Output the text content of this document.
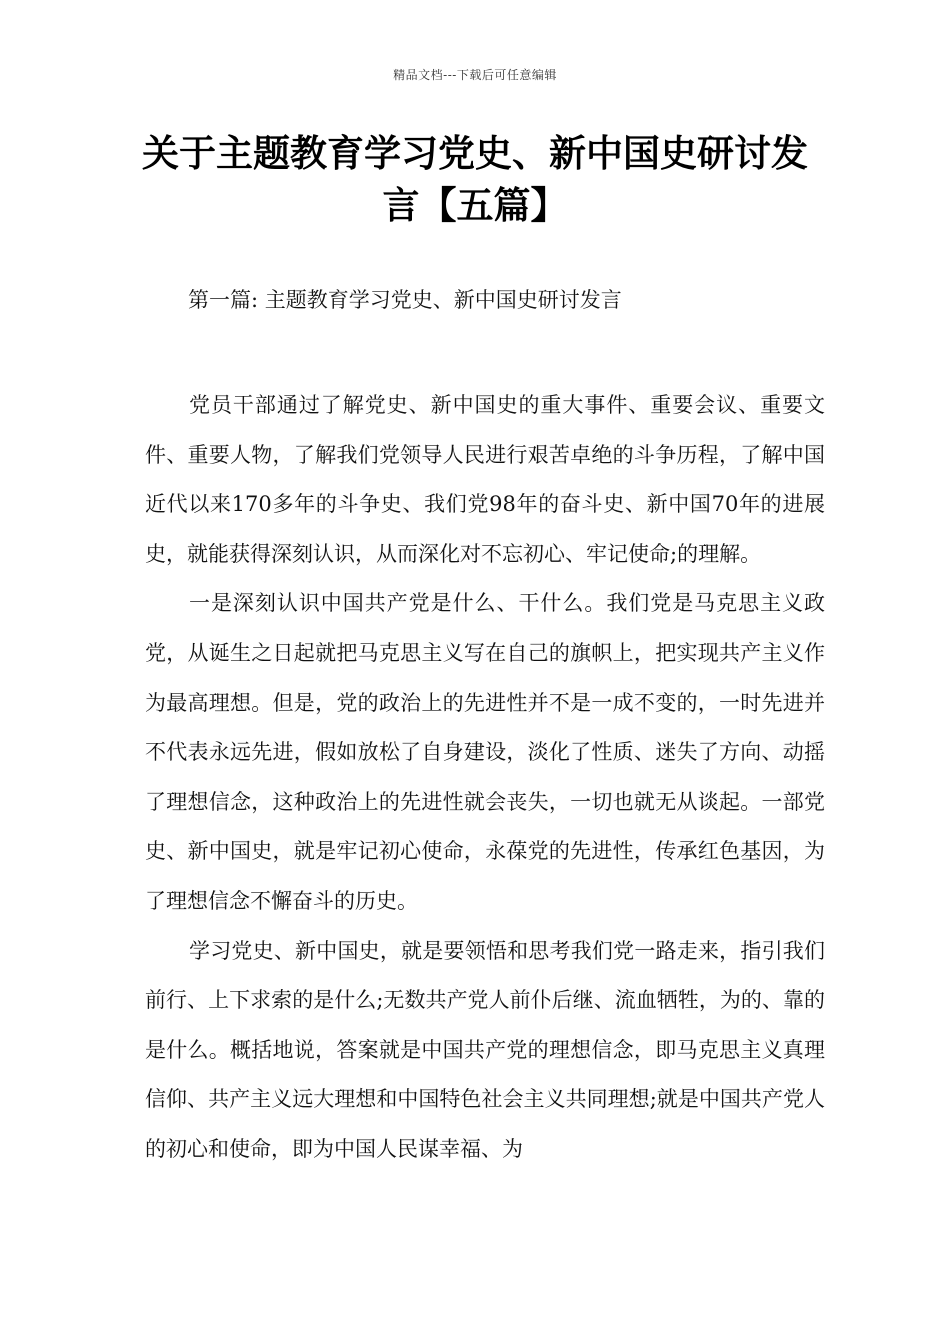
精品文档---下载后可任意编辑
关于主题教育学习党史、新中国史研讨发言【五篇】
第一篇: 主题教育学习党史、新中国史研讨发言

党员干部通过了解党史、新中国史的重大事件、重要会议、重要文件、重要人物，了解我们党领导人民进行艰苦卓绝的斗争历程，了解中国近代以来170多年的斗争史、我们党98年的奋斗史、新中国70年的进展史，就能获得深刻认识，从而深化对不忘初心、牢记使命;的理解。

一是深刻认识中国共产党是什么、干什么。我们党是马克思主义政党，从诞生之日起就把马克思主义写在自己的旗帜上，把实现共产主义作为最高理想。但是，党的政治上的先进性并不是一成不变的，一时先进并不代表永远先进，假如放松了自身建设，淡化了性质、迷失了方向、动摇了理想信念，这种政治上的先进性就会丧失，一切也就无从谈起。一部党史、新中国史，就是牢记初心使命，永葆党的先进性，传承红色基因，为了理想信念不懈奋斗的历史。

学习党史、新中国史，就是要领悟和思考我们党一路走来，指引我们前行、上下求索的是什么;无数共产党人前仆后继、流血牺牲，为的、靠的是什么。概括地说，答案就是中国共产党的理想信念，即马克思主义真理信仰、共产主义远大理想和中国特色社会主义共同理想;就是中国共产党人的初心和使命，即为中国人民谋幸福、为
